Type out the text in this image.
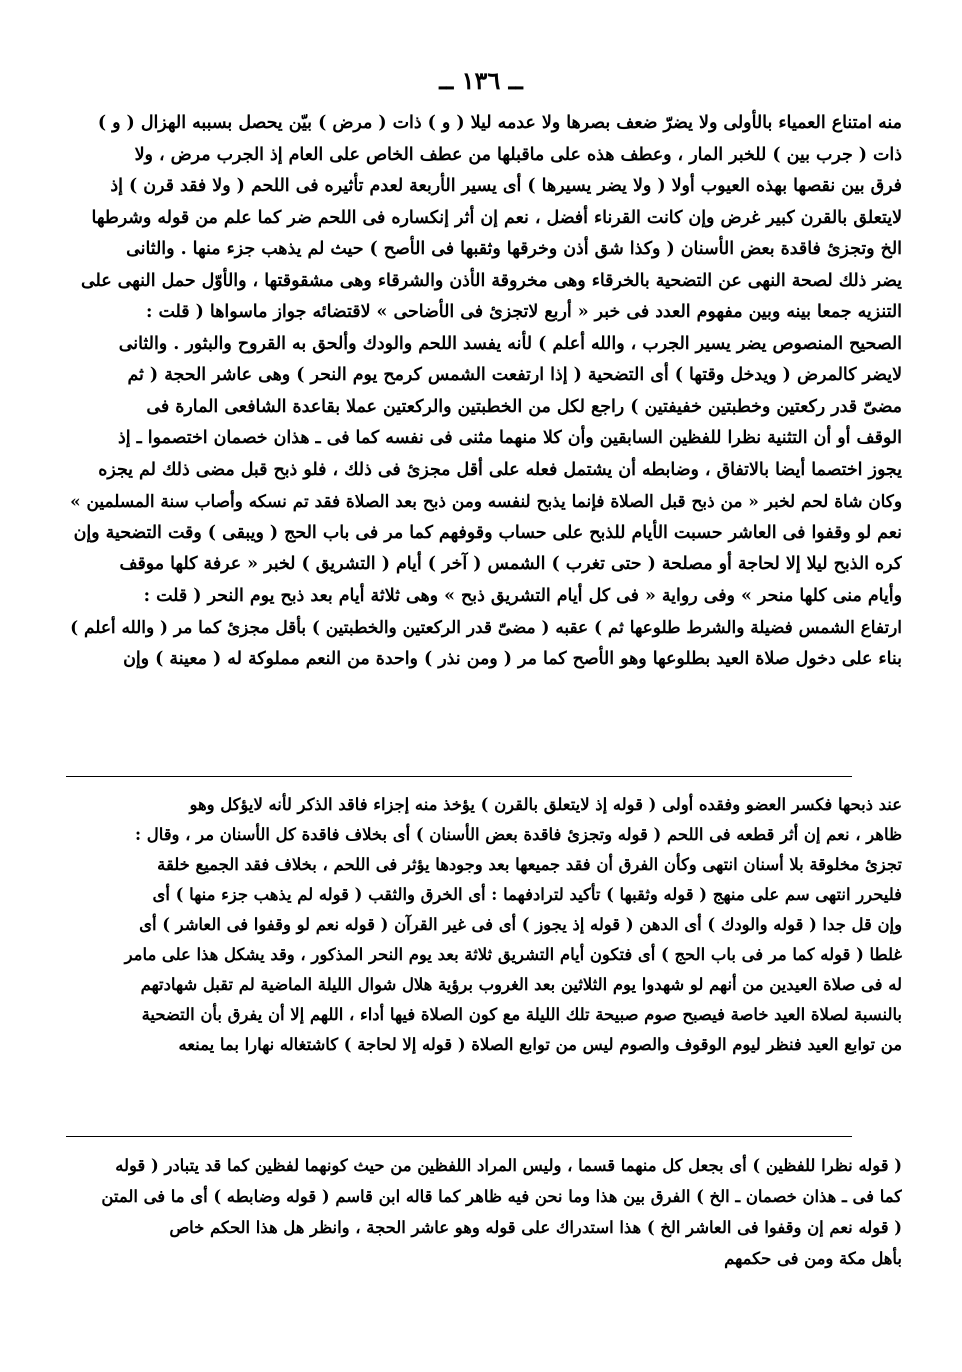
ــ ١٣٦ ــ
منه امتناع العمياء بالأولى ولا يضرّ ضعف بصرها ولا عدمه ليلا ( و ) ذات ( مرض ) بيّن يحصل بسببه الهزال ( و )
ذات ( جرب بين ) للخبر المار ، وعطف هذه على ماقبلها من عطف الخاص على العام إذ الجرب مرض ، ولا
فرق بين نقصها بهذه العيوب أولا ( ولا يضر يسيرها ) أى يسير الأربعة لعدم تأثيره فى اللحم ( ولا فقد قرن ) إذ
لايتعلق بالقرن كبير غرض وإن كانت القرناء أفضل ، نعم إن أثر إنكساره فى اللحم ضر كما علم من قوله وشرطها
الخ وتجزئ فاقدة بعض الأسنان ( وكذا شق أذن وخرقها وثقبها فى الأصح ) حيث لم يذهب جزء منها . والثانى
يضر ذلك لصحة النهى عن التضحية بالخرقاء وهى مخروقة الأذن والشرقاء وهى مشقوقتها ، والأوّل حمل النهى على
التنزيه جمعا بينه وبين مفهوم العدد فى خبر « أربع لاتجزئ فى الأضاحى » لاقتضائه جواز ماسواها ( قلت :
الصحيح المنصوص يضر يسير الجرب ، والله أعلم ) لأنه يفسد اللحم والودك وألحق به القروح والبثور . والثانى
لايضر كالمرض ( ويدخل وقتها ) أى التضحية ( إذا ارتفعت الشمس كرمح يوم النحر ) وهى عاشر الحجة ( ثم
مضىّ قدر ركعتين وخطبتين خفيفتين ) راجع لكل من الخطبتين والركعتين عملا بقاعدة الشافعى المارة فى
الوقف أو أن التثنية نظرا للفظين السابقين وأن كلا منهما مثنى فى نفسه كما فى ـ هذان خصمان اختصموا ـ إذ
يجوز اختصما أيضا بالاتفاق ، وضابطه أن يشتمل فعله على أقل مجزئ فى ذلك ، فلو ذبح قبل مضى ذلك لم يجزه
وكان شاة لحم لخبر « من ذبح قبل الصلاة فإنما يذبح لنفسه ومن ذبح بعد الصلاة فقد تم نسكه وأصاب سنة المسلمين »
نعم لو وقفوا فى العاشر حسبت الأيام للذبح على حساب وقوفهم كما مر فى باب الحج ( ويبقى ) وقت التضحية وإن
كره الذبح ليلا إلا لحاجة أو مصلحة ( حتى تغرب ) الشمس ( آخر ) أيام ( التشريق ) لخبر « عرفة كلها موقف
وأيام منى كلها منحر » وفى رواية « فى كل أيام التشريق ذبح » وهى ثلاثة أيام بعد ذبح يوم النحر ( قلت :
ارتفاع الشمس فضيلة والشرط طلوعها ثم ) عقبه ( مضىّ قدر الركعتين والخطبتين ) بأقل مجزئ كما مر ( والله أعلم )
بناء على دخول صلاة العيد بطلوعها وهو الأصح كما مر ( ومن نذر ) واحدة من النعم مملوكة له ( معينة ) وإن
عند ذبحها فكسر العضو وفقده أولى ( قوله إذ لايتعلق بالقرن ) يؤخذ منه إجزاء فاقد الذكر لأنه لايؤكل وهو
ظاهر ، نعم إن أثر قطعه فى اللحم ( قوله وتجزئ فاقدة بعض الأسنان ) أى بخلاف فاقدة كل الأسنان مر ، وقال :
تجزئ مخلوقة بلا أسنان انتهى وكأن الفرق أن فقد جميعها بعد وجودها يؤثر فى اللحم ، بخلاف فقد الجميع خلقة
فليحرر انتهى سم على منهج ( قوله وثقبها ) تأكيد لترادفهما : أى الخرق والثقب ( قوله لم يذهب جزء منها ) أى
وإن قل جدا ( قوله والودك ) أى الدهن ( قوله إذ يجوز ) أى فى غير القرآن ( قوله نعم لو وقفوا فى العاشر ) أى
غلطا ( قوله كما مر فى باب الحج ) أى فتكون أيام التشريق ثلاثة بعد يوم النحر المذكور ، وقد يشكل هذا على مامر
له فى صلاة العيدين من أنهم لو شهدوا يوم الثلاثين بعد الغروب برؤية هلال شوال الليلة الماضية لم تقبل شهادتهم
بالنسبة لصلاة العيد خاصة فيصبح صوم صبيحة تلك الليلة مع كون الصلاة فيها أداء ، اللهم إلا أن يفرق بأن التضحية
من توابع العيد فنظر ليوم الوقوف والصوم ليس من توابع الصلاة ( قوله إلا لحاجة ) كاشتغاله نهارا بما يمنعه
( قوله نظرا للفظين ) أى بجعل كل منهما قسما ، وليس المراد اللفظين من حيث كونهما لفظين كما قد يتبادر ( قوله
كما فى ـ هذان خصمان ـ الخ ) الفرق بين هذا وما نحن فيه ظاهر كما قاله ابن قاسم ( قوله وضابطه ) أى ما فى المتن
( قوله نعم إن وقفوا فى العاشر الخ ) هذا استدراك على قوله وهو عاشر الحجة ، وانظر هل هذا الحكم خاص
بأهل مكة ومن فى حكمهم
